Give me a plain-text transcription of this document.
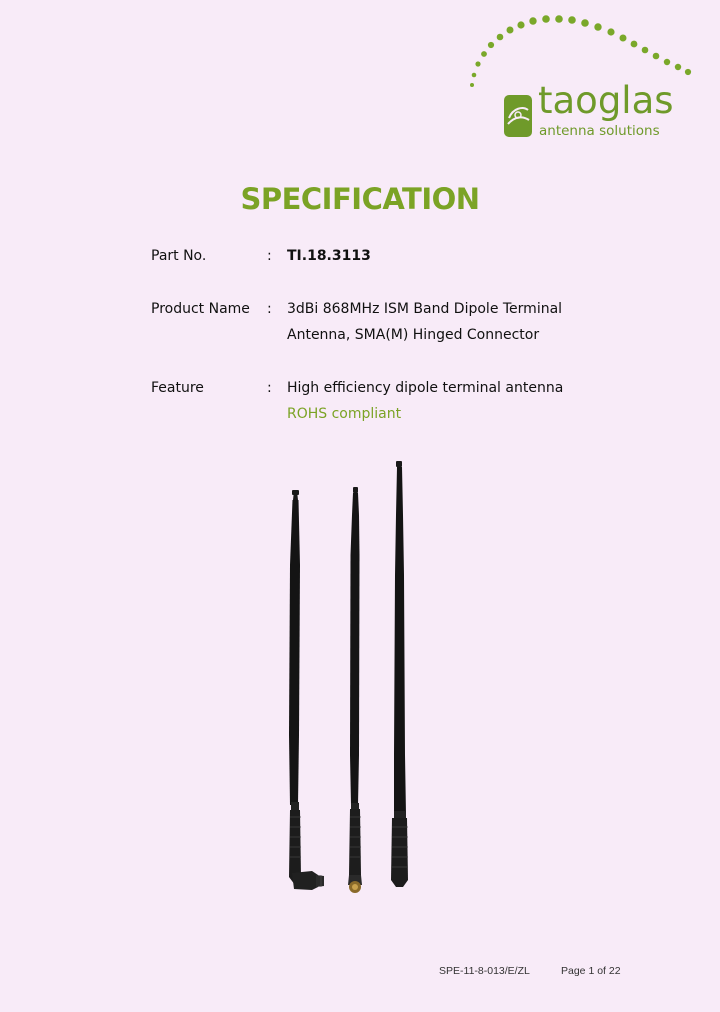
taoglas
antenna solutions
SPECIFICATION
Part No.	: TI.18.3113
Product Name : 3dBi 868MHz ISM Band Dipole Terminal
Antenna, SMA(M) Hinged Connector
Feature	: High efficiency dipole terminal antenna
ROHS compliant
SPE-11-8-013/E/ZL	Page 1 of 22
